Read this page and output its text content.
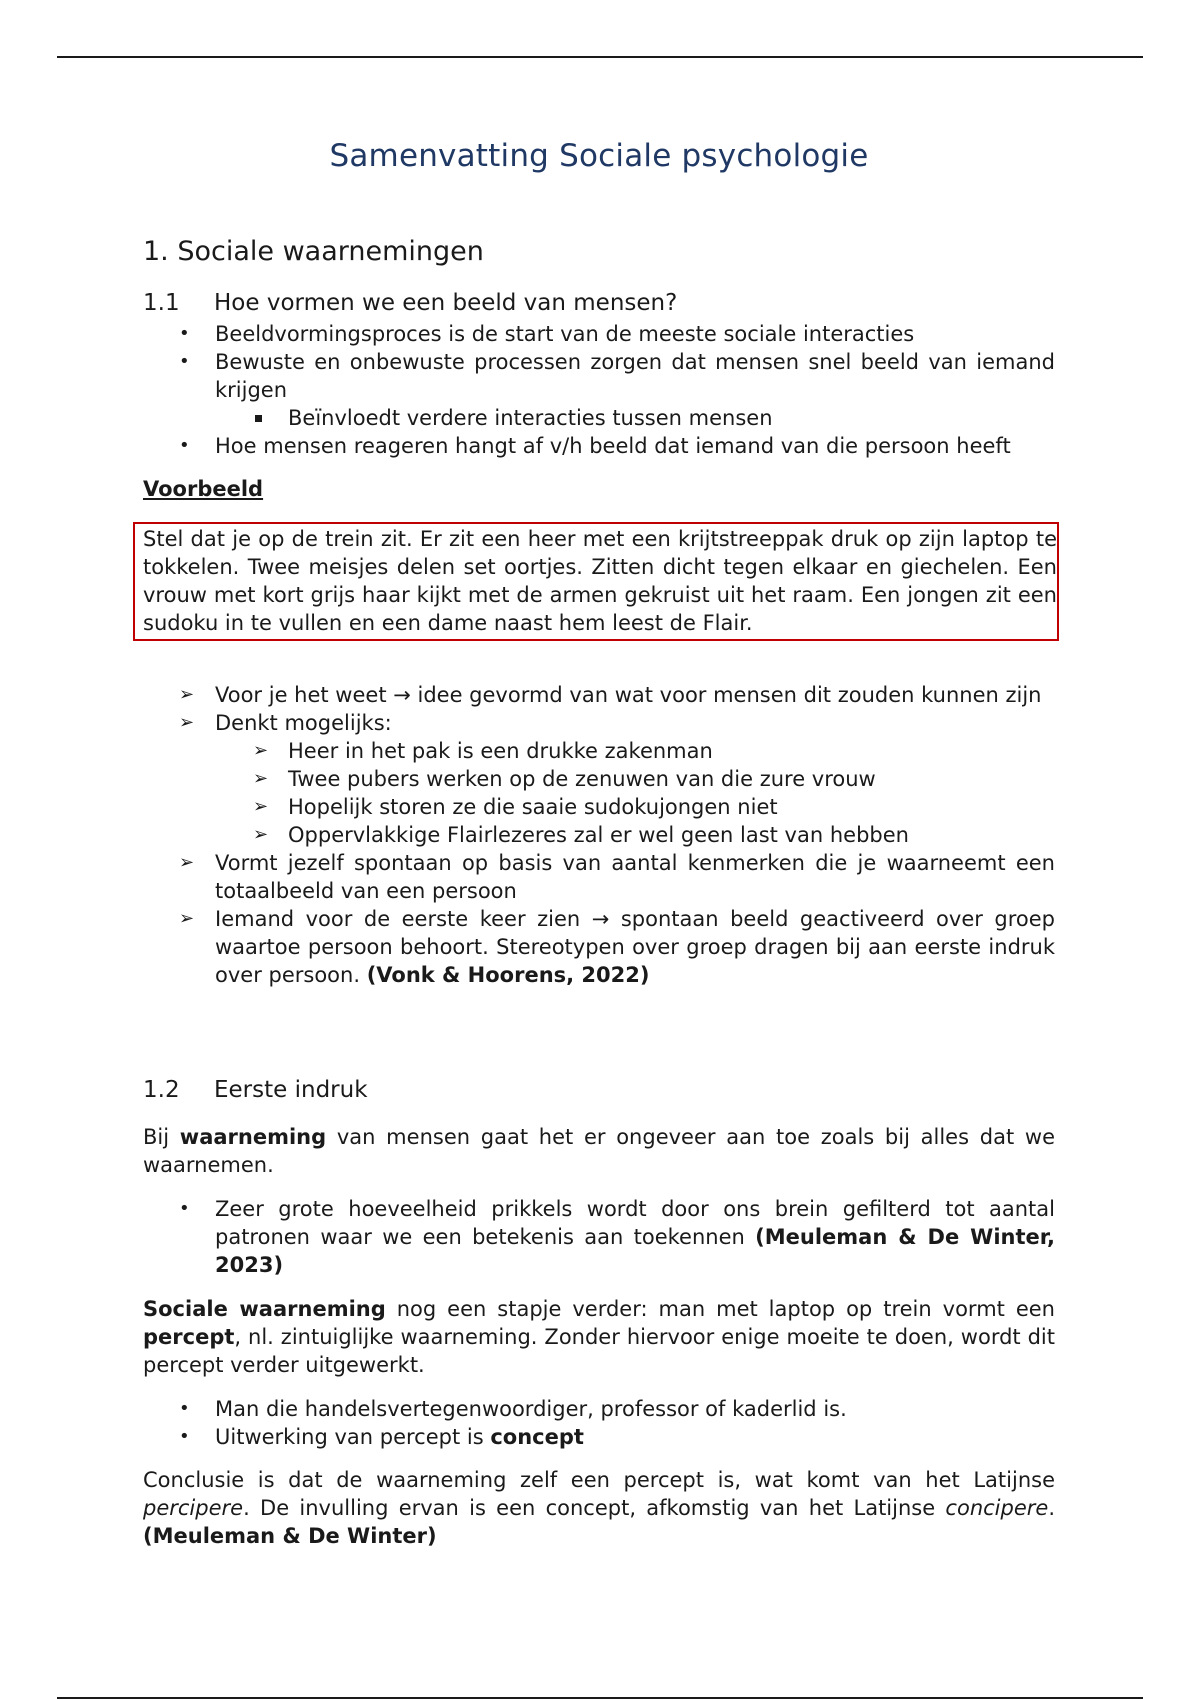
Samenvatting Sociale psychologie
1. Sociale waarnemingen
1.1 Hoe vormen we een beeld van mensen?
• Beeldvormingsproces is de start van de meeste sociale interacties
• Bewuste en onbewuste processen zorgen dat mensen snel beeld van iemand krijgen
Beïnvloedt verdere interacties tussen mensen
• Hoe mensen reageren hangt af v/h beeld dat iemand van die persoon heeft
Voorbeeld
Stel dat je op de trein zit. Er zit een heer met een krijtstreeppak druk op zijn laptop te tokkelen. Twee meisjes delen set oortjes. Zitten dicht tegen elkaar en giechelen. Een vrouw met kort grijs haar kijkt met de armen gekruist uit het raam. Een jongen zit een sudoku in te vullen en een dame naast hem leest de Flair.
➢ Voor je het weet → idee gevormd van wat voor mensen dit zouden kunnen zijn
➢ Denkt mogelijks:
➢ Heer in het pak is een drukke zakenman
➢ Twee pubers werken op de zenuwen van die zure vrouw
➢ Hopelijk storen ze die saaie sudokujongen niet
➢ Oppervlakkige Flairlezeres zal er wel geen last van hebben
➢ Vormt jezelf spontaan op basis van aantal kenmerken die je waarneemt een totaalbeeld van een persoon
➢ Iemand voor de eerste keer zien → spontaan beeld geactiveerd over groep waartoe persoon behoort. Stereotypen over groep dragen bij aan eerste indruk over persoon. (Vonk & Hoorens, 2022)
1.2 Eerste indruk
Bij waarneming van mensen gaat het er ongeveer aan toe zoals bij alles dat we waarnemen.
• Zeer grote hoeveelheid prikkels wordt door ons brein gefilterd tot aantal patronen waar we een betekenis aan toekennen (Meuleman & De Winter, 2023)
Sociale waarneming nog een stapje verder: man met laptop op trein vormt een percept, nl. zintuiglijke waarneming. Zonder hiervoor enige moeite te doen, wordt dit percept verder uitgewerkt.
• Man die handelsvertegenwoordiger, professor of kaderlid is.
• Uitwerking van percept is concept
Conclusie is dat de waarneming zelf een percept is, wat komt van het Latijnse percipere. De invulling ervan is een concept, afkomstig van het Latijnse concipere. (Meuleman & De Winter)
